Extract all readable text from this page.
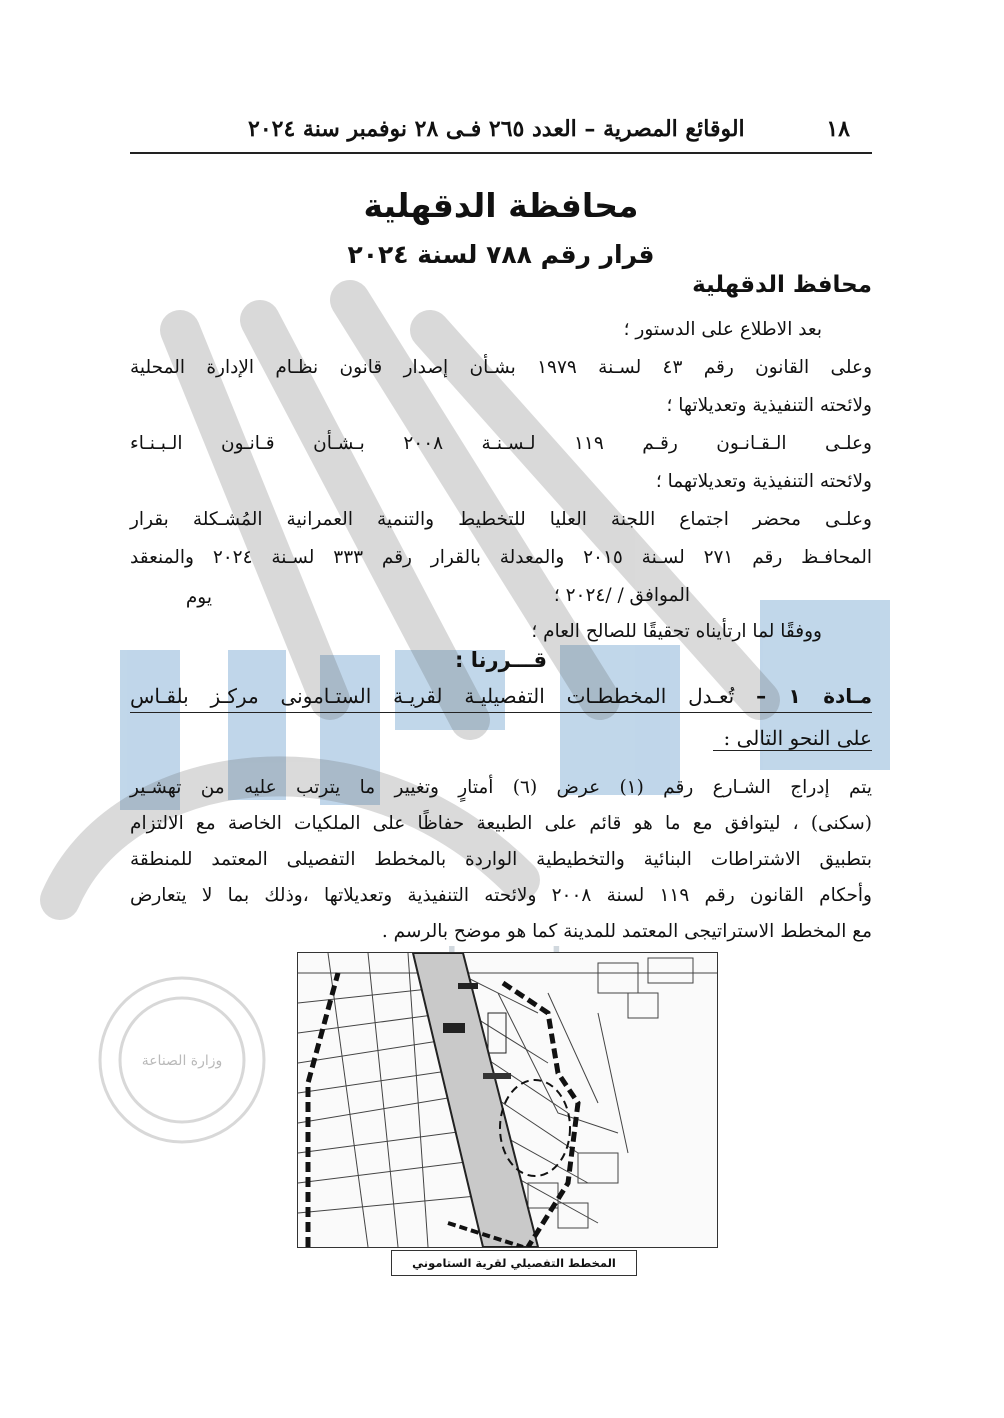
وزارة الصناعة
١٨
الوقائع المصرية – العدد ٢٦٥ فـى ٢٨ نوفمبر سنة ٢٠٢٤
محافظة الدقهلية
قرار رقم ٧٨٨ لسنة ٢٠٢٤
محافظ الدقهلية
بعد الاطلاع على الدستور ؛
وعلى القانون رقم ٤٣ لسـنة ١٩٧٩ بشـأن إصدار قانون نظـام الإدارة المحلية
ولائحته التنفيذية وتعديلاتها ؛
وعلـى الـقـانـون رقـم ١١٩ لـسـنـة ٢٠٠٨ بـشـأن قـانـون الـبـنـاء
ولائحته التنفيذية وتعديلاتهما ؛
وعلـى محضر اجتماع اللجنة العليا للتخطيط والتنمية العمرانية المُشـكلة بقرار
المحافـظ رقم ٢٧١ لسـنة ٢٠١٥ والمعدلة بالقرار رقم ٣٣٣ لسـنة ٢٠٢٤ والمنعقد
يوم	الموافق / /٢٠٢٤ ؛
ووفقًا لما ارتأيناه تحقيقًا للصالح العام ؛
قـــررنا :
مـادة ١ – تُعـدل المخططـات التفصيليـة لقريـة الستـامونى مركـز بلقـاس
على النحو التالى :
يتم إدراج الشـارع رقم (١) عرض (٦) أمتارٍ وتغيير ما يترتب عليه من تهشـير
(سكنى) ، ليتوافق مع ما هو قائم على الطبيعة حفاظًا على الملكيات الخاصة مع الالتزام
بتطبيق الاشتراطات البنائية والتخطيطية الواردة بالمخطط التفصيلى المعتمد للمنطقة
وأحكام القانون رقم ١١٩ لسنة ٢٠٠٨ ولائحته التنفيذية وتعديلاتها ،وذلك بما لا يتعارض
مع المخطط الاستراتيجى المعتمد للمدينة كما هو موضح بالرسم .
المخطط التفصيلي لقرية الستاموني
